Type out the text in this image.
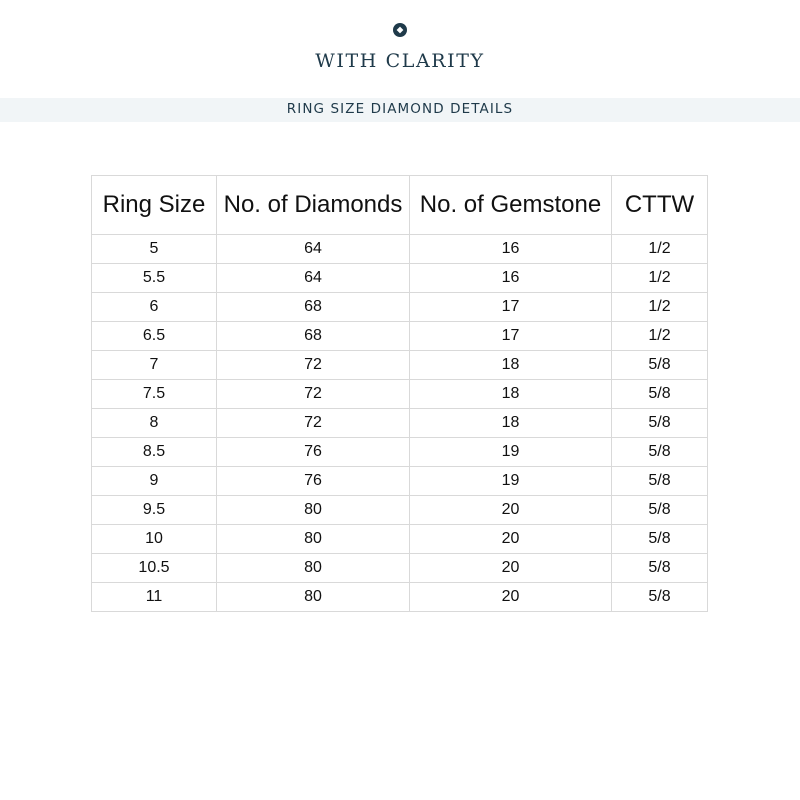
WITH CLARITY
RING SIZE DIAMOND DETAILS
Ring Size	No. of Diamonds	No. of Gemstone	CTTW
5	64	16	1/2
5.5	64	16	1/2
6	68	17	1/2
6.5	68	17	1/2
7	72	18	5/8
7.5	72	18	5/8
8	72	18	5/8
8.5	76	19	5/8
9	76	19	5/8
9.5	80	20	5/8
10	80	20	5/8
10.5	80	20	5/8
11	80	20	5/8
